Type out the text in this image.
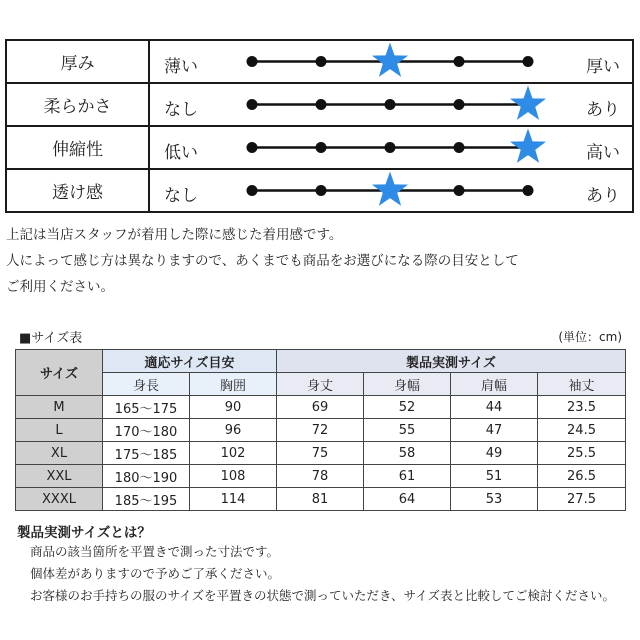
厚み	薄い 厚い

柔らかさ	なし あり

伸縮性	低い 高い

透け感	なし あり
上記は当店スタッフが着用した際に感じた着用感です。
人によって感じ方は異なりますので、あくまでも商品をお選びになる際の目安として
ご利用ください。
■サイズ表	(単位：cm)
サイズ	適応サイズ目安		製品実測サイズ			
	身長	胸囲	身丈	身幅	肩幅	袖丈
M	165～175	90	69	52	44	23.5
L	170～180	96	72	55	47	24.5
XL	175～185	102	75	58	49	25.5
XXL	180～190	108	78	61	51	26.5
XXXL	185～195	114	81	64	53	27.5
製品実測サイズとは？
商品の該当箇所を平置きで測った寸法です。
個体差がありますので予めご了承ください。
お客様のお手持ちの服のサイズを平置きの状態で測っていただき、サイズ表と比較してご検討ください。
